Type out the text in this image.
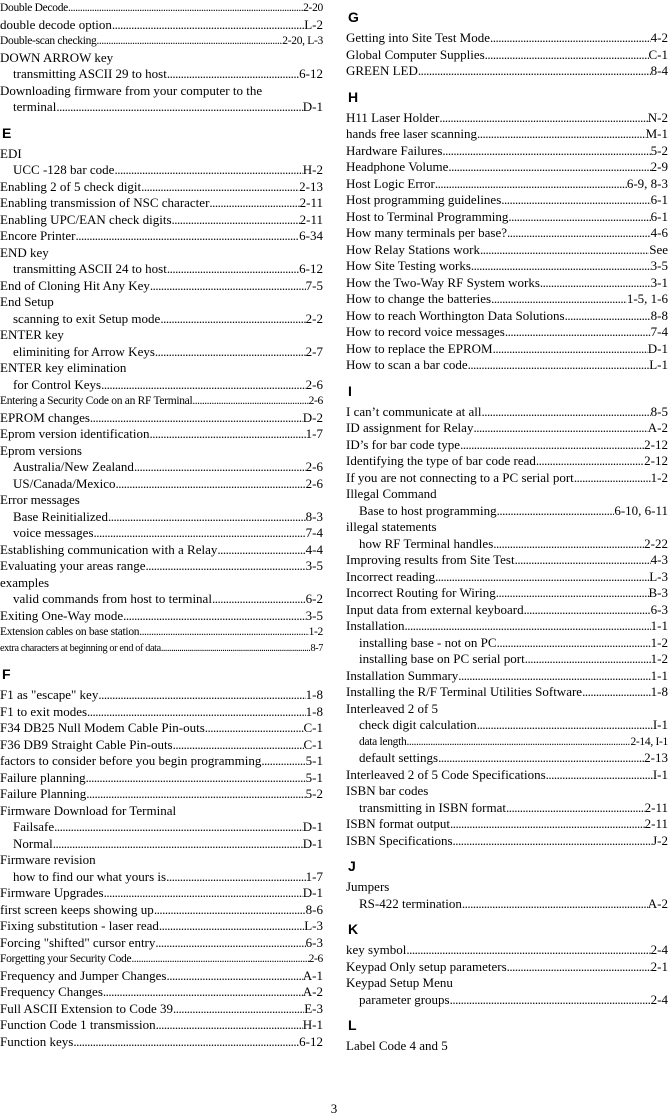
Double Decode .....	2-20
double decode option .....	L-2
Double-scan checking .....	2-20, L-3
DOWN ARROW key
transmitting ASCII 29 to host .....	6-12
Downloading firmware from your computer to the
terminal .....	D-1
E
EDI
UCC -128 bar code .....	H-2
Enabling 2 of 5 check digit .....	2-13
Enabling transmission of NSC character .....	2-11
Enabling UPC/EAN check digits .....	2-11
Encore Printer .....	6-34
END key
transmitting ASCII 24 to host .....	6-12
End of Cloning Hit Any Key .....	7-5
End Setup
scanning to exit Setup mode .....	2-2
ENTER key
eliminiting for Arrow Keys .....	2-7
ENTER key elimination
for Control Keys .....	2-6
Entering a Security Code on an RF Terminal .....	2-6
EPROM changes .....	D-2
Eprom version identification .....	1-7
Eprom versions
Australia/New Zealand .....	2-6
US/Canada/Mexico .....	2-6
Error messages
Base Reinitialized .....	8-3
voice messages .....	7-4
Establishing communication with a Relay .....	4-4
Evaluating your areas range .....	3-5
examples
valid commands from host to terminal .....	6-2
Exiting One-Way mode .....	3-5
Extension cables on base station .....	1-2
extra characters at beginning or end of data .....	8-7
F
F1 as "escape" key .....	1-8
F1 to exit modes .....	1-8
F34 DB25 Null Modem Cable Pin-outs .....	C-1
F36 DB9 Straight Cable Pin-outs .....	C-1
factors to consider before you begin programming .....	5-1
Failure planning .....	5-1
Failure Planning .....	5-2
Firmware Download for Terminal
Failsafe .....	D-1
Normal .....	D-1
Firmware revision
how to find our what yours is .....	1-7
Firmware Upgrades .....	D-1
first screen keeps showing up .....	8-6
Fixing substitution - laser read .....	L-3
Forcing "shifted" cursor entry .....	6-3
Forgetting your Security Code .....	2-6
Frequency and Jumper Changes .....	A-1
Frequency Changes .....	A-2
Full ASCII Extension to Code 39 .....	E-3
Function Code 1 transmission .....	H-1
Function keys .....	6-12
G
Getting into Site Test Mode .....	4-2
Global Computer Supplies .....	C-1
GREEN LED .....	8-4
H
H11 Laser Holder .....	N-2
hands free laser scanning .....	M-1
Hardware Failures .....	5-2
Headphone Volume .....	2-9
Host Logic Error .....	6-9, 8-3
Host programming guidelines .....	6-1
Host to Terminal Programming .....	6-1
How many terminals per base? .....	4-6
How Relay Stations work .....	See
How Site Testing works .....	3-5
How the Two-Way RF System works .....	3-1
How to change the batteries .....	1-5, 1-6
How to reach Worthington Data Solutions .....	8-8
How to record voice messages .....	7-4
How to replace the EPROM .....	D-1
How to scan a bar code .....	L-1
I
I can’t communicate at all .....	8-5
ID assignment for Relay .....	A-2
ID’s for bar code type .....	2-12
Identifying the type of bar code read .....	2-12
If you are not connecting to a PC serial port .....	1-2
Illegal Command
Base to host programming .....	6-10, 6-11
illegal statements
how RF Terminal handles .....	2-22
Improving results from Site Test .....	4-3
Incorrect reading .....	L-3
Incorrect Routing for Wiring .....	B-3
Input data from external keyboard .....	6-3
Installation .....	1-1
installing base - not on PC .....	1-2
installing base on PC serial port .....	1-2
Installation Summary .....	1-1
Installing the R/F Terminal Utilities Software .....	1-8
Interleaved 2 of 5
check digit calculation .....	I-1
data length .....	2-14, I-1
default settings .....	2-13
Interleaved 2 of 5 Code Specifications .....	I-1
ISBN bar codes
transmitting in ISBN format .....	2-11
ISBN format output .....	2-11
ISBN Specifications .....	J-2
J
Jumpers
RS-422 termination .....	A-2
K
key symbol .....	2-4
Keypad Only setup parameters .....	2-1
Keypad Setup Menu
parameter groups .....	2-4
L
Label Code 4 and 5
3
